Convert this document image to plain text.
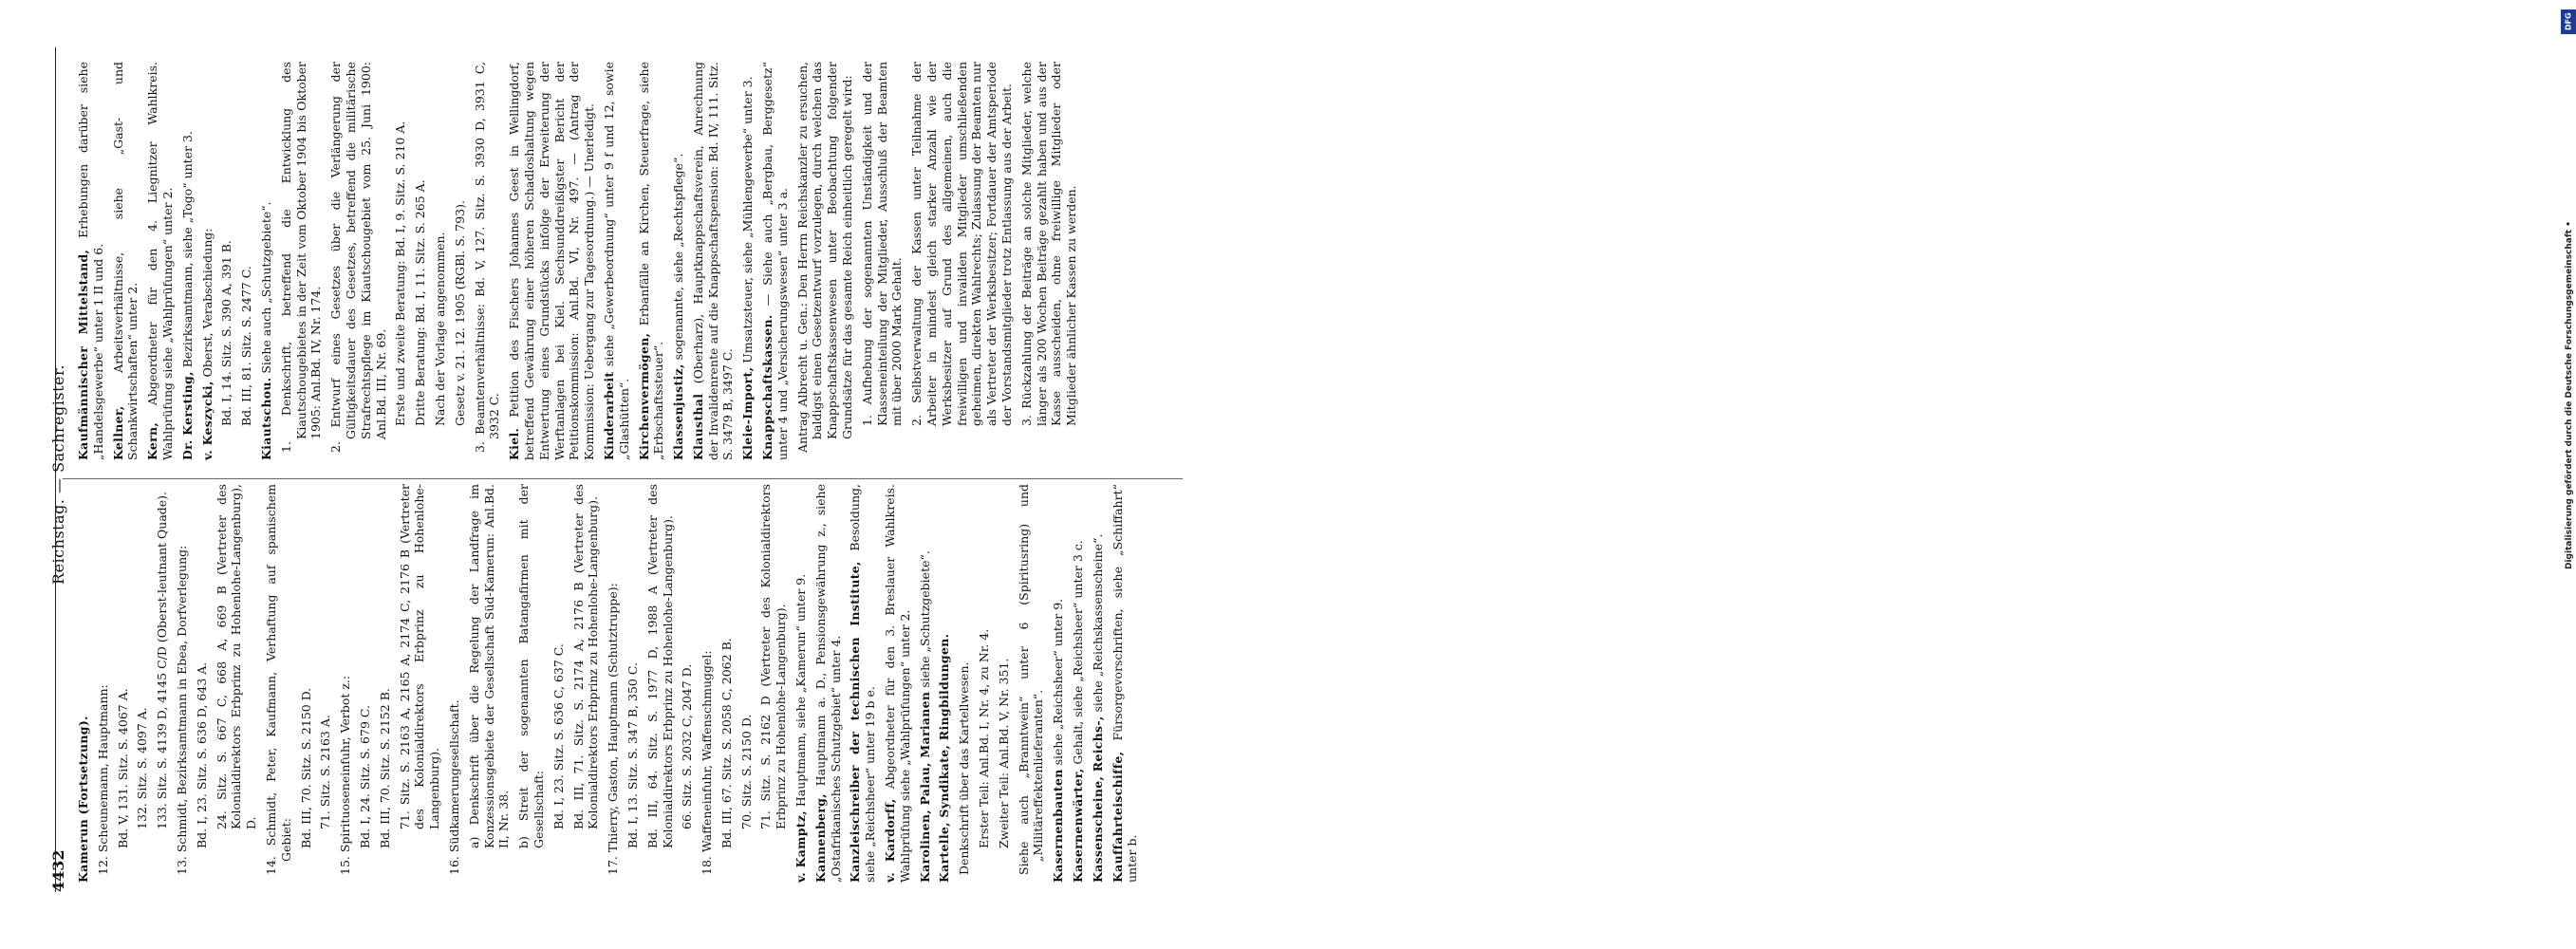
4432
Reichstag. — Sachregister.

Kamerun (Fortsetzung). 12. Scheunemann, Hauptmann: Bd. V, 131. Sitz. S. 4067 A. 132. Sitz. S. 4097 A. 133. Sitz. S. 4139 D, 4145 C/D (Oberst-leutnant Quade). 13. Schmidt, Bezirksamtmann in Ebea, Dorfverlegung: Bd. I, 23. Sitz. S. 636 D, 643 A. 24. Sitz. S. 667 C, 668 A, 669 B (Vertreter des Kolonialdirektors Erbprinz zu Hohenlohe-Langenburg), D. 14. Schmidt, Peter, Kaufmann, Verhaftung auf spanischem Gebiet: Bd. III, 70. Sitz. S. 2150 D. 71. Sitz. S. 2163 A. 15. Spirituoseneinfuhr, Verbot z.: Bd. I, 24. Sitz. S. 679 C. Bd. III, 70. Sitz. S. 2152 B. 71. Sitz. S. 2163 A, 2165 A, 2174 C, 2176 B (Vertreter des Kolonialdirektors Erbprinz zu Hohenlohe-Langenburg). 16. Südkamerungesellschaft. a) Denkschrift über die Regelung der Landfrage im Konzessionsgebiete der Gesellschaft Süd-Kamerun: Anl.Bd. II, Nr. 38. b) Streit der sogenannten Batangafirmen mit der Gesellschaft: Bd. I, 23. Sitz. S. 636 C, 637 C. Bd. III, 71. Sitz. S. 2174 A, 2176 B (Vertreter des Kolonialdirektors Erbprinz zu Hohenlohe-Langenburg). 17. Thierry, Gaston, Hauptmann (Schutztruppe): Bd. I, 13. Sitz. S. 347 B, 350 C. Bd. III, 64. Sitz. S. 1977 D, 1988 A (Vertreter des Kolonialdirektors Erbprinz zu Hohenlohe-Langenburg). 66. Sitz. S. 2032 C, 2047 D. 18. Waffeneinfuhr, Waffenschmuggel: Bd. III, 67. Sitz. S. 2058 C, 2062 B. 70. Sitz. S. 2150 D. 71. Sitz. S. 2162 D (Vertreter des Kolonialdirektors Erbprinz zu Hohenlohe-Langenburg).

v. Kamptz, Hauptmann, siehe „Kamerun“ unter 9.

Kannenberg, Hauptmann a. D., Pensionsgewährung z., siehe „Ostafrikanisches Schutzgebiet“ unter 4. Kanzleischreiber der technischen Institute, Besoldung, siehe „Reichsheer“ unter 19 b e. v. Kardorff, Abgeordneter für den 3. Breslauer Wahlkreis. Wahlprüfung siehe „Wahlprüfungen“ unter 2. Karolinen, Palau, Marianen siehe „Schutzgebiete“.

Kartelle, Syndikate, Ringbildungen. Denkschrift über das Kartellwesen. Erster Teil: Anl.Bd. I, Nr. 4, zu Nr. 4. Zweiter Teil: Anl.Bd. V, Nr. 351. Siehe auch „Branntwein“ unter 6 (Spiritusring) und „Militäreffektenlieferanten“. Kasernenbauten siehe „Reichsheer“ unter 9.

Kasernenwärter, Gehalt, siehe „Reichsheer“ unter 3 c.

Kassenscheine, Reichs-, siehe „Reichskassenscheine“.

Kauffahrteischiffe, Fürsorgevorschriften, siehe „Schiffahrt“ unter b.

Kaufmännischer Mittelstand, Erhebungen darüber siehe „Handelsgewerbe“ unter 1 II und 6. Kellner, Arbeitsverhältnisse, siehe „Gast- und Schankwirtschaften“ unter 2. Kern, Abgeordneter für den 4. Liegnitzer Wahlkreis. Wahlprüfung siehe „Wahlprüfungen“ unter 2. Dr. Kersting, Bezirksamtmann, siehe „Togo“ unter 3.

v. Keszycki, Oberst, Verabschiedung: Bd. I, 14. Sitz. S. 390 A, 391 B. Bd. III, 81. Sitz. S. 2477 C. Kiautschou. Siehe auch „Schutzgebiete“. 1. Denkschrift, betreffend die Entwicklung des Kiautschougebietes in der Zeit vom Oktober 1904 bis Oktober 1905: Anl.Bd. IV, Nr. 174. 2. Entwurf eines Gesetzes über die Verlängerung der Gültigkeitsdauer des Gesetzes, betreffend die militärische Strafrechtspflege im Kiautschougebiet vom 25. Juni 1900: Anl.Bd. III, Nr. 69. Erste und zweite Beratung: Bd. I, 9. Sitz. S. 210 A. Dritte Beratung: Bd. I, 11. Sitz. S. 265 A. Nach der Vorlage angenommen. Gesetz v. 21. 12. 1905 (RGBl. S. 793). 3. Beamtenverhältnisse: Bd. V, 127. Sitz. S. 3930 D, 3931 C, 3932 C.

Kiel. Petition des Fischers Johannes Geest in Wellingdorf, betreffend Gewährung einer höheren Schadloshaltung wegen Entwertung eines Grundstücks infolge der Erweiterung der Werftanlagen bei Kiel. Sechsunddreißigster Bericht der Petitionskommission: Anl.Bd. VI, Nr. 497. — (Antrag der Kommission: Uebergang zur Tagesordnung.) — Unerledigt. Kinderarbeit siehe „Gewerbeordnung“ unter 9 f und 12, sowie „Glashütten“. Kirchenvermögen, Erbanfälle an Kirchen, Steuerfrage, siehe „Erbschaftssteuer“. Klassenjustiz, sogenannte, siehe „Rechtspflege“.

Klausthal (Oberharz), Hauptknappschaftsverein, Anrechnung der Invalidenrente auf die Knappschaftspension: Bd. IV, 111. Sitz. S. 3479 B, 3497 C. Kleie-Import, Umsatzsteuer, siehe „Mühlengewerbe“ unter 3.

Knappschaftskassen. — Siehe auch „Bergbau, Berggesetz“ unter 4 und „Versicherungswesen“ unter 3 a. Antrag Albrecht u. Gen.: Den Herrn Reichskanzler zu ersuchen, baldigst einen Gesetzentwurf vorzulegen, durch welchen das Knappschaftskassenwesen unter Beobachtung folgender Grundsätze für das gesamte Reich einheitlich geregelt wird: 1. Aufhebung der sogenannten Unständigkeit und der Klasseneinteilung der Mitglieder, Ausschluß der Beamten mit über 2000 Mark Gehalt. 2. Selbstverwaltung der Kassen unter Teilnahme der Arbeiter in mindest gleich starker Anzahl wie der Werksbesitzer auf Grund des allgemeinen, auch die freiwilligen und invaliden Mitglieder umschließenden geheimen, direkten Wahlrechts; Zulassung der Beamten nur als Vertreter der Werksbesitzer; Fortdauer der Amtsperiode der Vorstandsmitglieder trotz Entlassung aus der Arbeit. 3. Rückzahlung der Beiträge an solche Mitglieder, welche länger als 200 Wochen Beiträge gezahlt haben und aus der Kasse ausscheiden, ohne freiwillige Mitglieder oder Mitglieder ähnlicher Kassen zu werden.

DFG
Digitalisierung gefördert durch die Deutsche Forschungsgemeinschaft •
